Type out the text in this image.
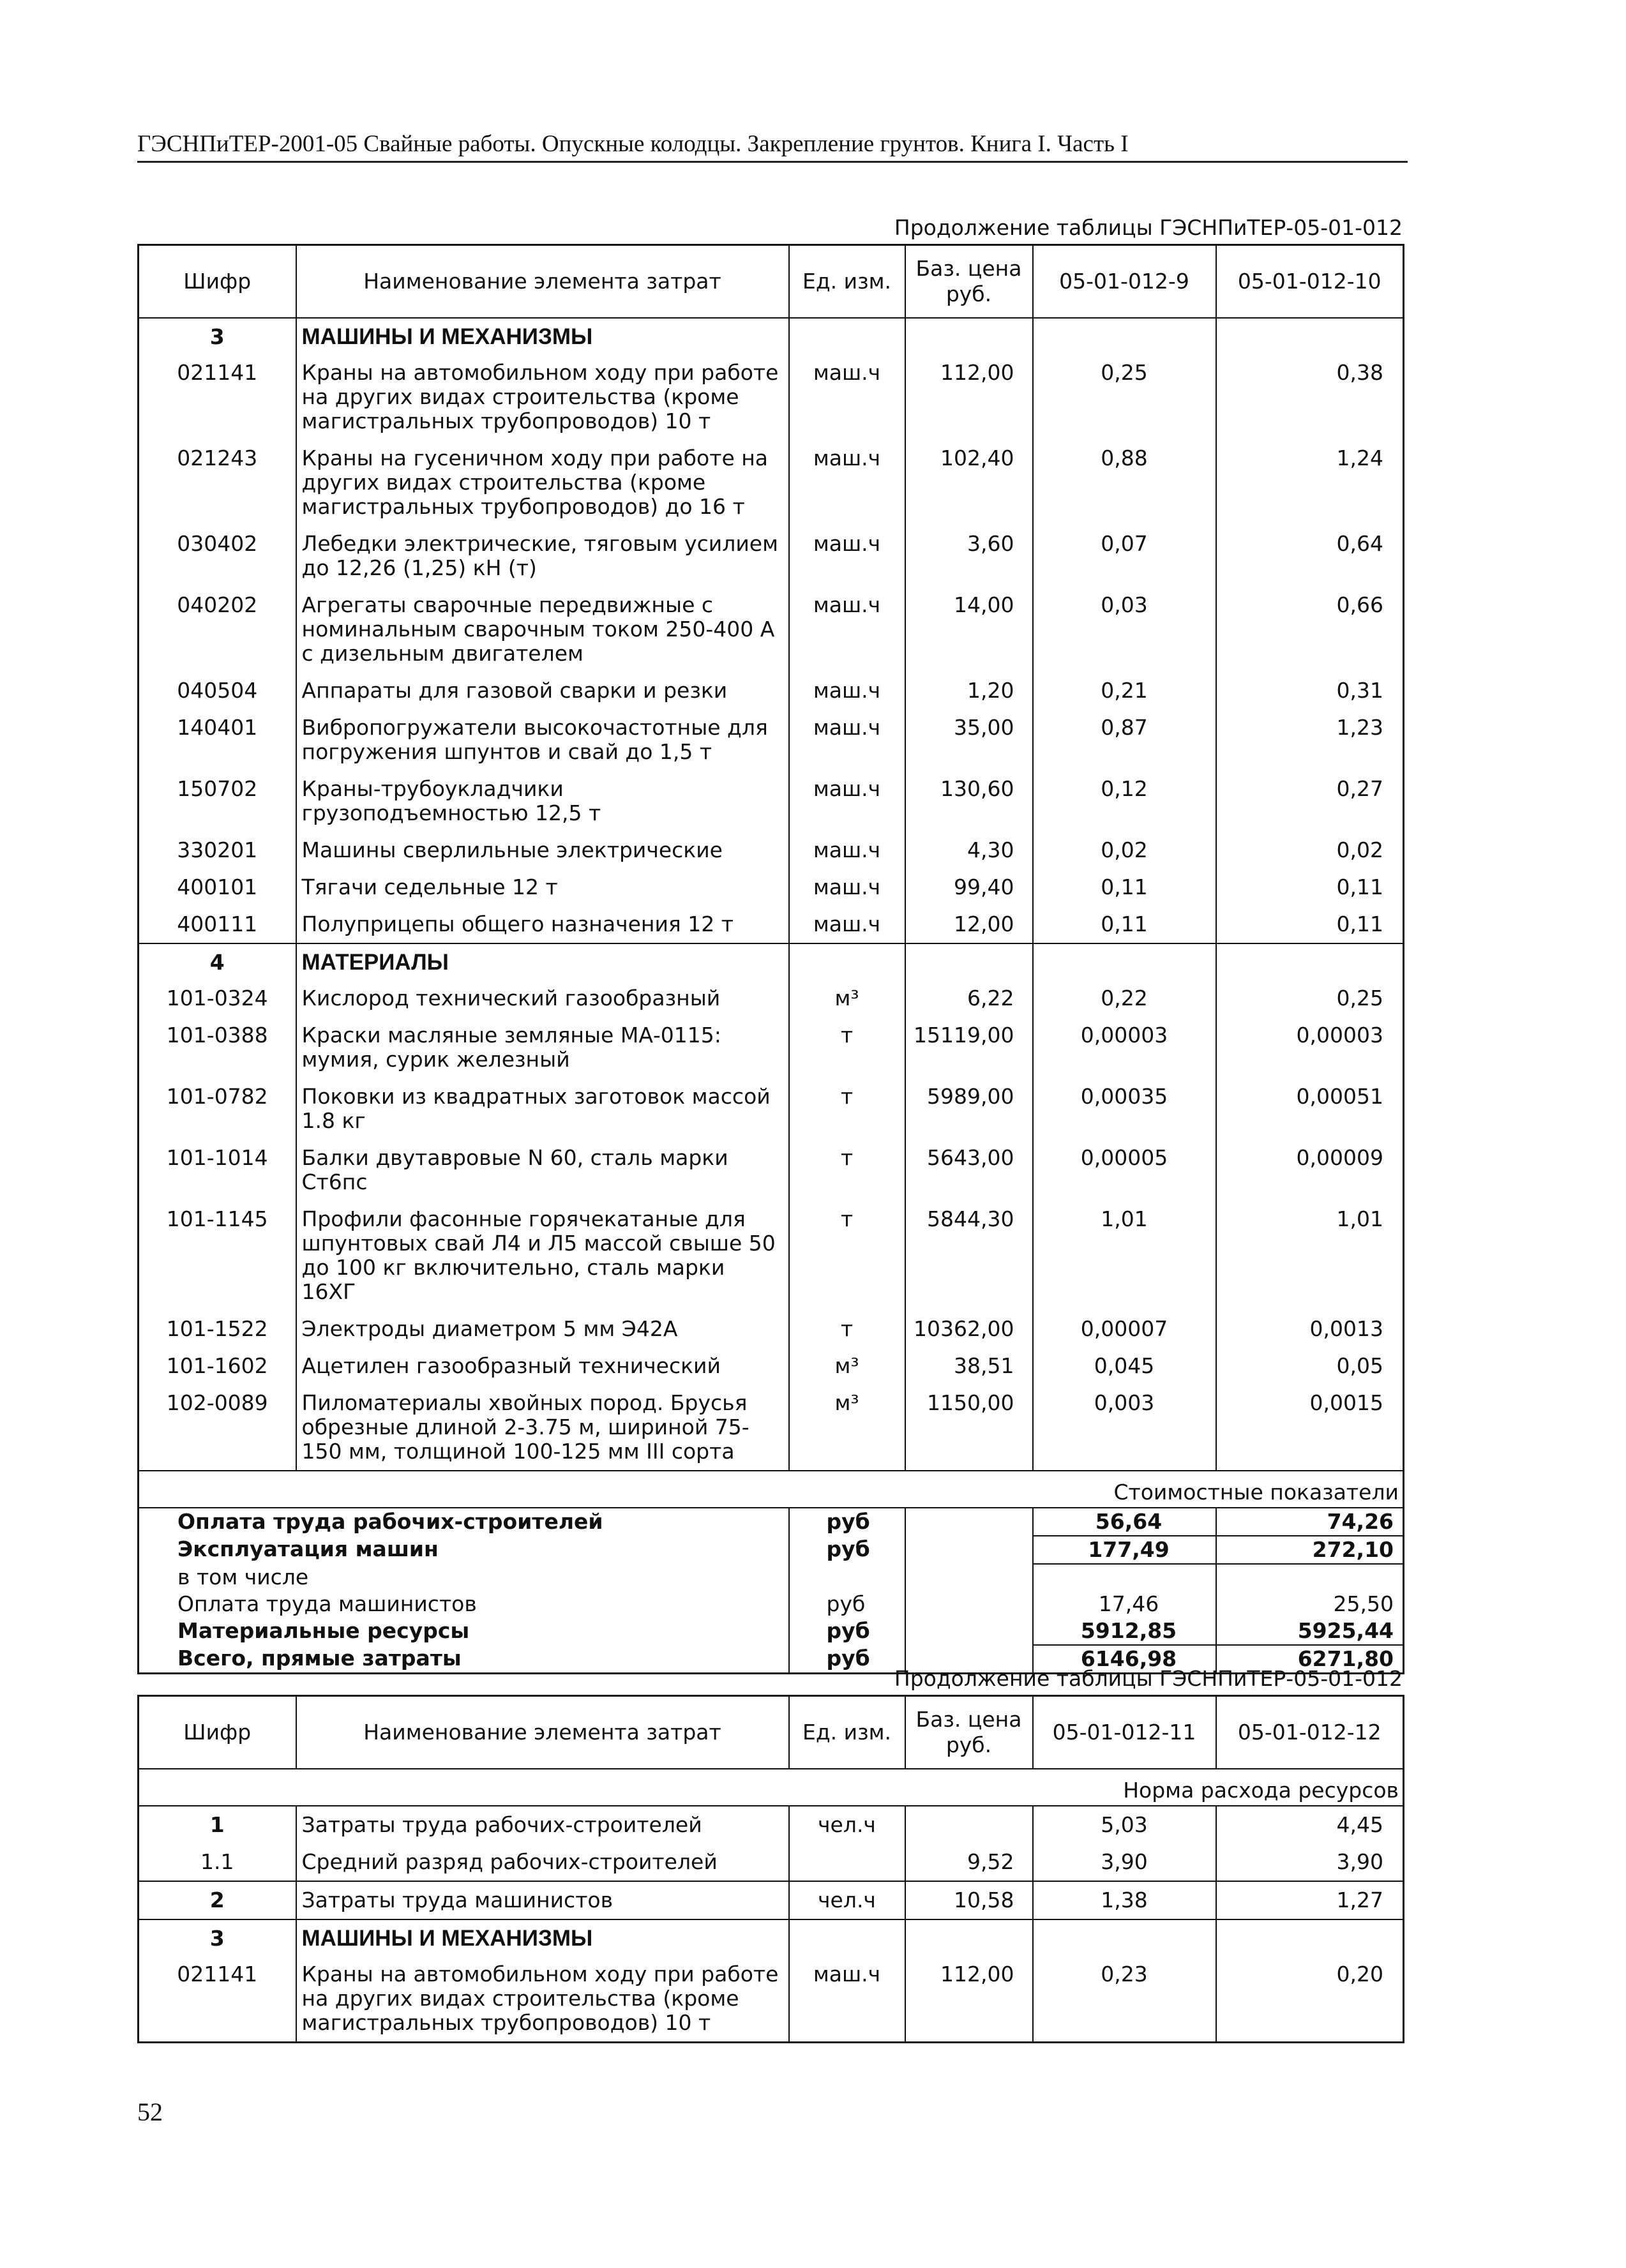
ГЭСНПиТЕР-2001-05 Свайные работы. Опускные колодцы. Закрепление грунтов. Книга I. Часть I
Продолжение таблицы ГЭСНПиТЕР-05-01-012
Шифр	Наименование элемента затрат	Ед. изм.	Баз. цена руб.	05-01-012-9	05-01-012-10
3	МАШИНЫ И МЕХАНИЗМЫ				
021141	Краны на автомобильном ходу при работе на других видах строительства (кроме магистральных трубопроводов) 10 т	маш.ч	112,00	0,25	0,38
021243	Краны на гусеничном ходу при работе на других видах строительства (кроме магистральных трубопроводов) до 16 т	маш.ч	102,40	0,88	1,24
030402	Лебедки электрические, тяговым усилием до 12,26 (1,25) кН (т)	маш.ч	3,60	0,07	0,64
040202	Агрегаты сварочные передвижные с номинальным сварочным током 250-400 А с дизельным двигателем	маш.ч	14,00	0,03	0,66
040504	Аппараты для газовой сварки и резки	маш.ч	1,20	0,21	0,31
140401	Вибропогружатели высокочастотные для погружения шпунтов и свай до 1,5 т	маш.ч	35,00	0,87	1,23
150702	Краны-трубоукладчики грузоподъемностью 12,5 т	маш.ч	130,60	0,12	0,27
330201	Машины сверлильные электрические	маш.ч	4,30	0,02	0,02
400101	Тягачи седельные 12 т	маш.ч	99,40	0,11	0,11
400111	Полуприцепы общего назначения 12 т	маш.ч	12,00	0,11	0,11
4	МАТЕРИАЛЫ				
101-0324	Кислород технический газообразный	м³	6,22	0,22	0,25
101-0388	Краски масляные земляные МА-0115: мумия, сурик железный	т	15119,00	0,00003	0,00003
101-0782	Поковки из квадратных заготовок массой 1.8 кг	т	5989,00	0,00035	0,00051
101-1014	Балки двутавровые N 60, сталь марки Ст6пс	т	5643,00	0,00005	0,00009
101-1145	Профили фасонные горячекатаные для шпунтовых свай Л4 и Л5 массой свыше 50 до 100 кг включительно, сталь марки 16ХГ	т	5844,30	1,01	1,01
101-1522	Электроды диаметром 5 мм Э42А	т	10362,00	0,00007	0,0013
101-1602	Ацетилен газообразный технический	м³	38,51	0,045	0,05
102-0089	Пиломатериалы хвойных пород. Брусья обрезные длиной 2-3.75 м, шириной 75-150 мм, толщиной 100-125 мм III сорта	м³	1150,00	0,003	0,0015
Стоимостные показатели					
Оплата труда рабочих-строителей		руб		56,64	74,26
Эксплуатация машин		руб		177,49	272,10
в том числе					
Оплата труда машинистов		руб		17,46	25,50
Материальные ресурсы		руб		5912,85	5925,44
Всего, прямые затраты		руб		6146,98	6271,80
Продолжение таблицы ГЭСНПиТЕР-05-01-012
Шифр	Наименование элемента затрат	Ед. изм.	Баз. цена руб.	05-01-012-11	05-01-012-12
Норма расхода ресурсов					
1	Затраты труда рабочих-строителей	чел.ч		5,03	4,45
1.1	Средний разряд рабочих-строителей		9,52	3,90	3,90
2	Затраты труда машинистов	чел.ч	10,58	1,38	1,27
3	МАШИНЫ И МЕХАНИЗМЫ				
021141	Краны на автомобильном ходу при работе на других видах строительства (кроме магистральных трубопроводов) 10 т	маш.ч	112,00	0,23	0,20
52
